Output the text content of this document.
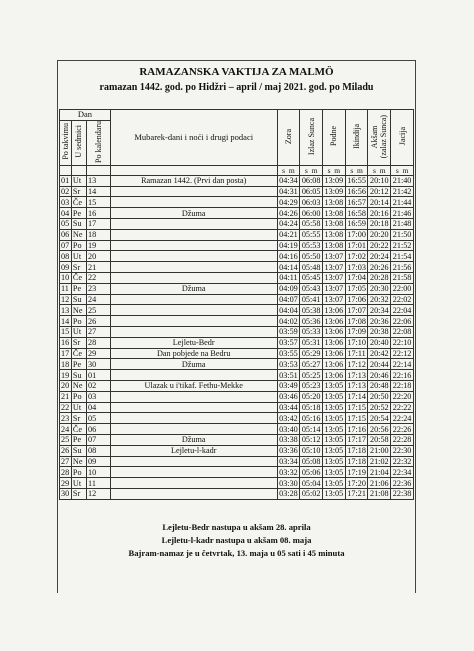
RAMAZANSKA VAKTIJA ZA MALMÖ
ramazan 1442. god. po Hidžri – april / maj 2021. god. po Miladu
Dan			Mubarek-dani i noći i drugi podaci	Zora	Izlaz Sunca	Podne	Ikindija	Akšam
(zalaz Sunca)	Jacija
Po takvimu	U sedmici	Po kalendaru							
				s m	s m	s m	s m	s m	s m
01	Ut	13	Ramazan 1442. (Prvi dan posta)	04:34	06:08	13:09	16:55	20:10	21:40
02	Sr	14		04:31	06:05	13:09	16:56	20:12	21:42
03	Če	15		04:29	06:03	13:08	16:57	20:14	21:44
04	Pe	16	Džuma	04:26	06:00	13:08	16:58	20:16	21:46
05	Su	17		04:24	05:58	13:08	16:59	20:18	21:48
06	Ne	18		04:21	05:55	13:08	17:00	20:20	21:50
07	Po	19		04:19	05:53	13:08	17:01	20:22	21:52
08	Ut	20		04:16	05:50	13:07	17:02	20:24	21:54
09	Sr	21		04:14	05:48	13:07	17:03	20:26	21:56
10	Če	22		04:11	05:45	13:07	17:04	20:28	21:58
11	Pe	23	Džuma	04:09	05:43	13:07	17:05	20:30	22:00
12	Su	24		04:07	05:41	13:07	17:06	20:32	22:02
13	Ne	25		04:04	05:38	13:06	17:07	20:34	22:04
14	Po	26		04:02	05:36	13:06	17:08	20:36	22:06
15	Ut	27		03:59	05:33	13:06	17:09	20:38	22:08
16	Sr	28	Lejletu-Bedr	03:57	05:31	13:06	17:10	20:40	22:10
17	Če	29	Dan pobjede na Bedru	03:55	05:29	13:06	17:11	20:42	22:12
18	Pe	30	Džuma	03:53	05:27	13:06	17:12	20:44	22:14
19	Su	01		03:51	05:25	13:06	17:13	20:46	22:16
20	Ne	02	Ulazak u i'tikaf. Fethu-Mekke	03:49	05:23	13:05	17:13	20:48	22:18
21	Po	03		03:46	05:20	13:05	17:14	20:50	22:20
22	Ut	04		03:44	05:18	13:05	17:15	20:52	22:22
23	Sr	05		03:42	05:16	13:05	17:15	20:54	22:24
24	Če	06		03:40	05:14	13:05	17:16	20:56	22:26
25	Pe	07	Džuma	03:38	05:12	13:05	17:17	20:58	22:28
26	Su	08	Lejletu-l-kadr	03:36	05:10	13:05	17:18	21:00	22:30
27	Ne	09		03:34	05:08	13:05	17:18	21:02	22:32
28	Po	10		03:32	05:06	13:05	17:19	21:04	22:34
29	Ut	11		03:30	05:04	13:05	17:20	21:06	22:36
30	Sr	12		03:28	05:02	13:05	17:21	21:08	22:38
Lejletu-Bedr nastupa u akšam 28. aprila
Lejletu-l-kadr nastupa u akšam 08. maja
Bajram-namaz je u četvrtak, 13. maja u 05 sati i 45 minuta
